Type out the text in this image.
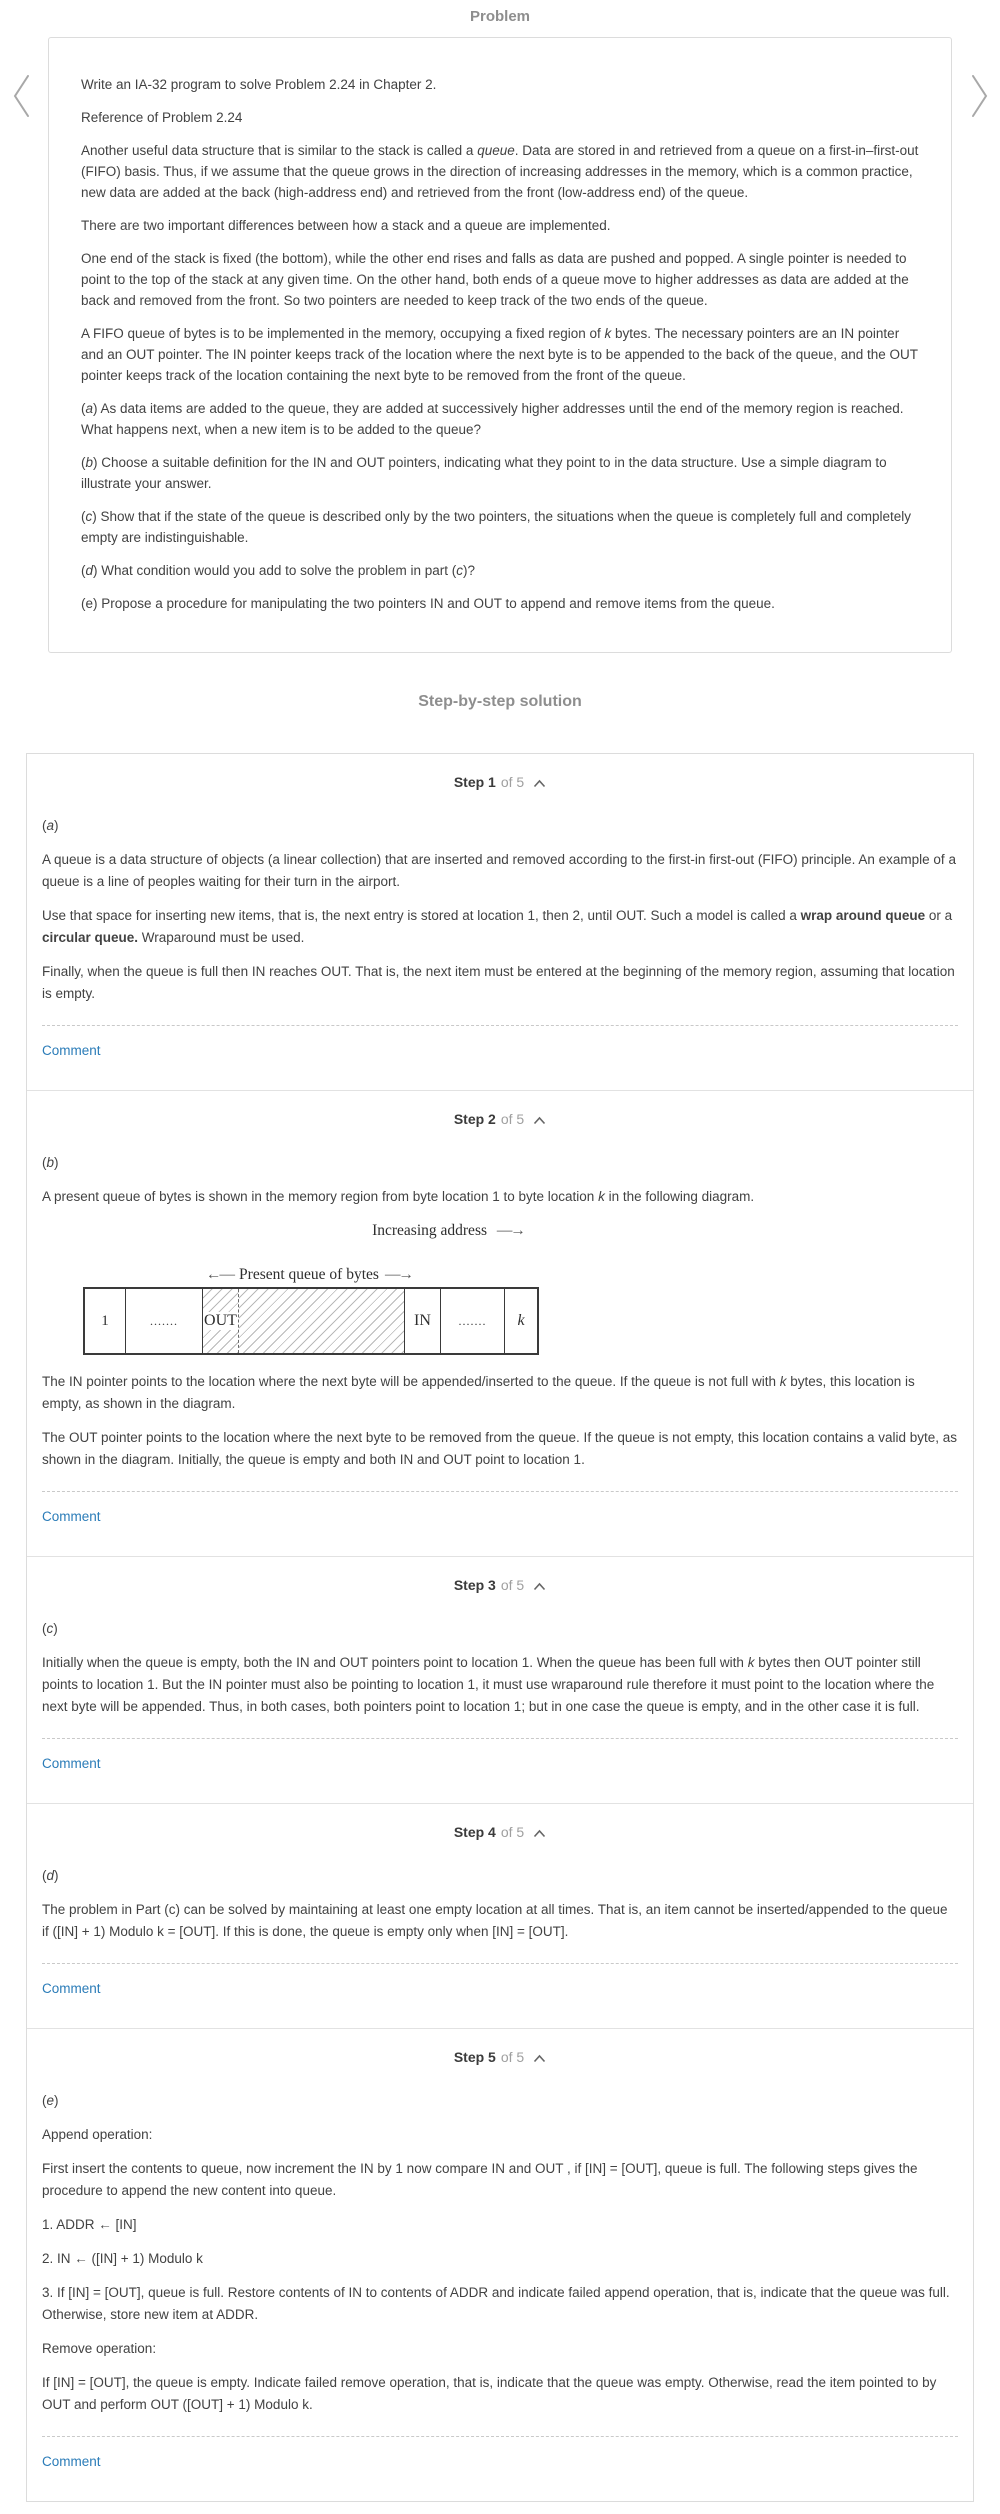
Problem

Write an IA-32 program to solve Problem 2.24 in Chapter 2.

Reference of Problem 2.24

Another useful data structure that is similar to the stack is called a queue. Data are stored in and retrieved from a queue on a first-in–first-out (FIFO) basis. Thus, if we assume that the queue grows in the direction of increasing addresses in the memory, which is a common practice, new data are added at the back (high-address end) and retrieved from the front (low-address end) of the queue.

There are two important differences between how a stack and a queue are implemented.

One end of the stack is fixed (the bottom), while the other end rises and falls as data are pushed and popped. A single pointer is needed to point to the top of the stack at any given time. On the other hand, both ends of a queue move to higher addresses as data are added at the back and removed from the front. So two pointers are needed to keep track of the two ends of the queue.

A FIFO queue of bytes is to be implemented in the memory, occupying a fixed region of k bytes. The necessary pointers are an IN pointer and an OUT pointer. The IN pointer keeps track of the location where the next byte is to be appended to the back of the queue, and the OUT pointer keeps track of the location containing the next byte to be removed from the front of the queue.

(a) As data items are added to the queue, they are added at successively higher addresses until the end of the memory region is reached. What happens next, when a new item is to be added to the queue?

(b) Choose a suitable definition for the IN and OUT pointers, indicating what they point to in the data structure. Use a simple diagram to illustrate your answer.

(c) Show that if the state of the queue is described only by the two pointers, the situations when the queue is completely full and completely empty are indistinguishable.

(d) What condition would you add to solve the problem in part (c)?

(e) Propose a procedure for manipulating the two pointers IN and OUT to append and remove items from the queue.

Step-by-step solution
Step 1 of 5

(a)

A queue is a data structure of objects (a linear collection) that are inserted and removed according to the first-in first-out (FIFO) principle. An example of a queue is a line of peoples waiting for their turn in the airport.

Use that space for inserting new items, that is, the next entry is stored at location 1, then 2, until OUT. Such a model is called a wrap around queue or a circular queue. Wraparound must be used.

Finally, when the queue is full then IN reaches OUT. That is, the next item must be entered at the beginning of the memory region, assuming that location is empty.

Comment
Step 2 of 5

(b)

A present queue of bytes is shown in the memory region from byte location 1 to byte location k in the following diagram.

Increasing address —→
←— Present queue of bytes —→
1	....... OUT	IN ....... k

The IN pointer points to the location where the next byte will be appended/inserted to the queue. If the queue is not full with k bytes, this location is empty, as shown in the diagram.

The OUT pointer points to the location where the next byte to be removed from the queue. If the queue is not empty, this location contains a valid byte, as shown in the diagram. Initially, the queue is empty and both IN and OUT point to location 1.

Comment
Step 3 of 5

(c)

Initially when the queue is empty, both the IN and OUT pointers point to location 1. When the queue has been full with k bytes then OUT pointer still points to location 1. But the IN pointer must also be pointing to location 1, it must use wraparound rule therefore it must point to the location where the next byte will be appended. Thus, in both cases, both pointers point to location 1; but in one case the queue is empty, and in the other case it is full.

Comment
Step 4 of 5

(d)

The problem in Part (c) can be solved by maintaining at least one empty location at all times. That is, an item cannot be inserted/appended to the queue if ([IN] + 1) Modulo k = [OUT]. If this is done, the queue is empty only when [IN] = [OUT].

Comment
Step 5 of 5

(e)

Append operation:

First insert the contents to queue, now increment the IN by 1 now compare IN and OUT , if [IN] = [OUT], queue is full. The following steps gives the procedure to append the new content into queue.

1. ADDR ← [IN]

2. IN ← ([IN] + 1) Modulo k

3. If [IN] = [OUT], queue is full. Restore contents of IN to contents of ADDR and indicate failed append operation, that is, indicate that the queue was full. Otherwise, store new item at ADDR.

Remove operation:

If [IN] = [OUT], the queue is empty. Indicate failed remove operation, that is, indicate that the queue was empty. Otherwise, read the item pointed to by OUT and perform OUT ([OUT] + 1) Modulo k.

Comment
